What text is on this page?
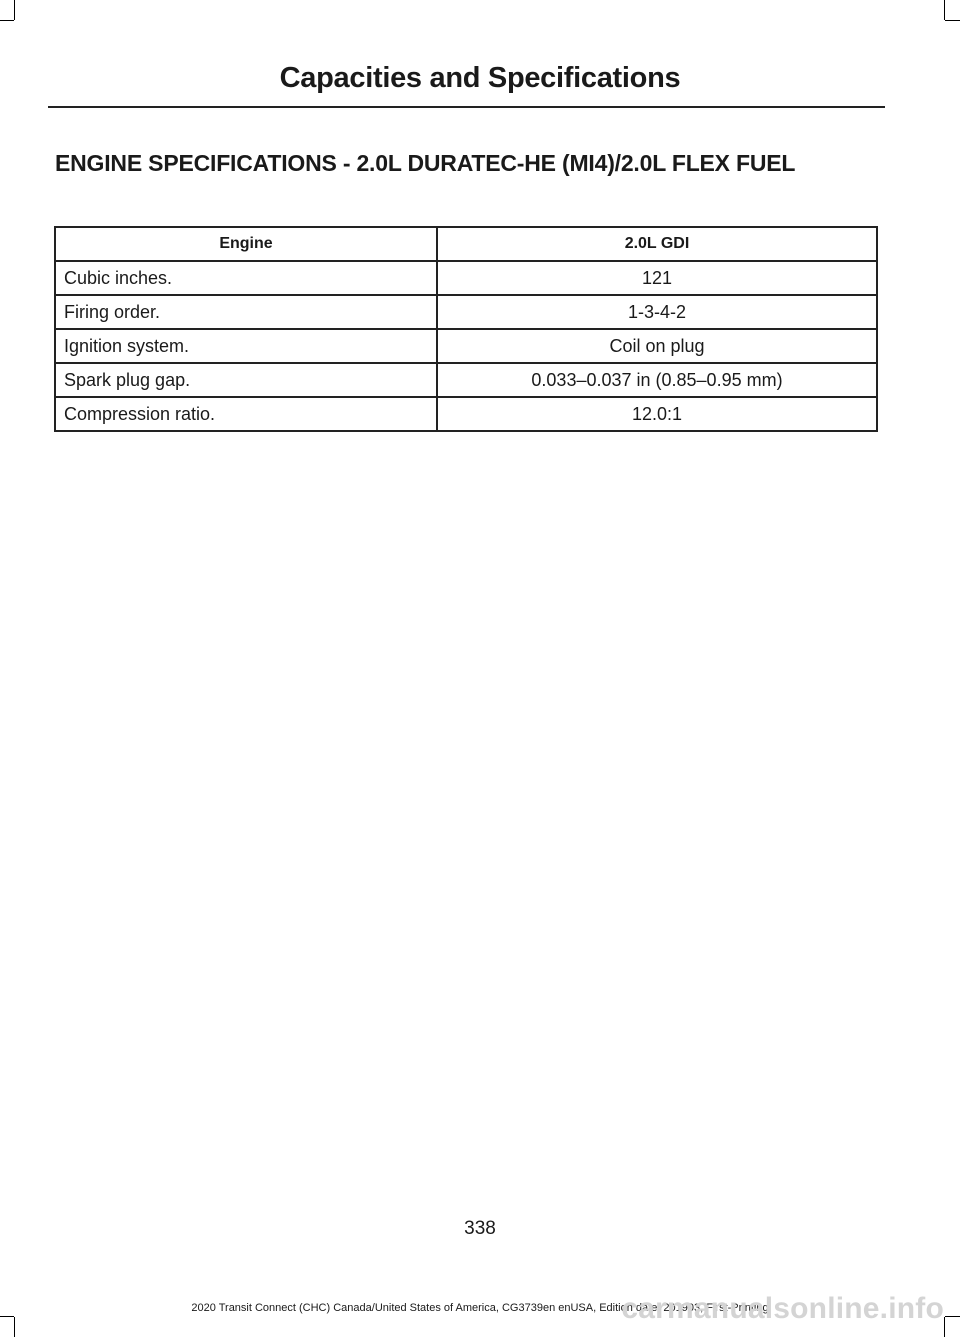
Capacities and Specifications
ENGINE SPECIFICATIONS - 2.0L DURATEC-HE (MI4)/2.0L FLEX FUEL
Engine	2.0L GDI
Cubic inches.	121
Firing order.	1-3-4-2
Ignition system.	Coil on plug
Spark plug gap.	0.033–0.037 in (0.85–0.95 mm)
Compression ratio.	12.0:1
338
2020 Transit Connect (CHC) Canada/United States of America, CG3739en enUSA, Edition date: 201903, First-Printing
carmanualsonline.info
